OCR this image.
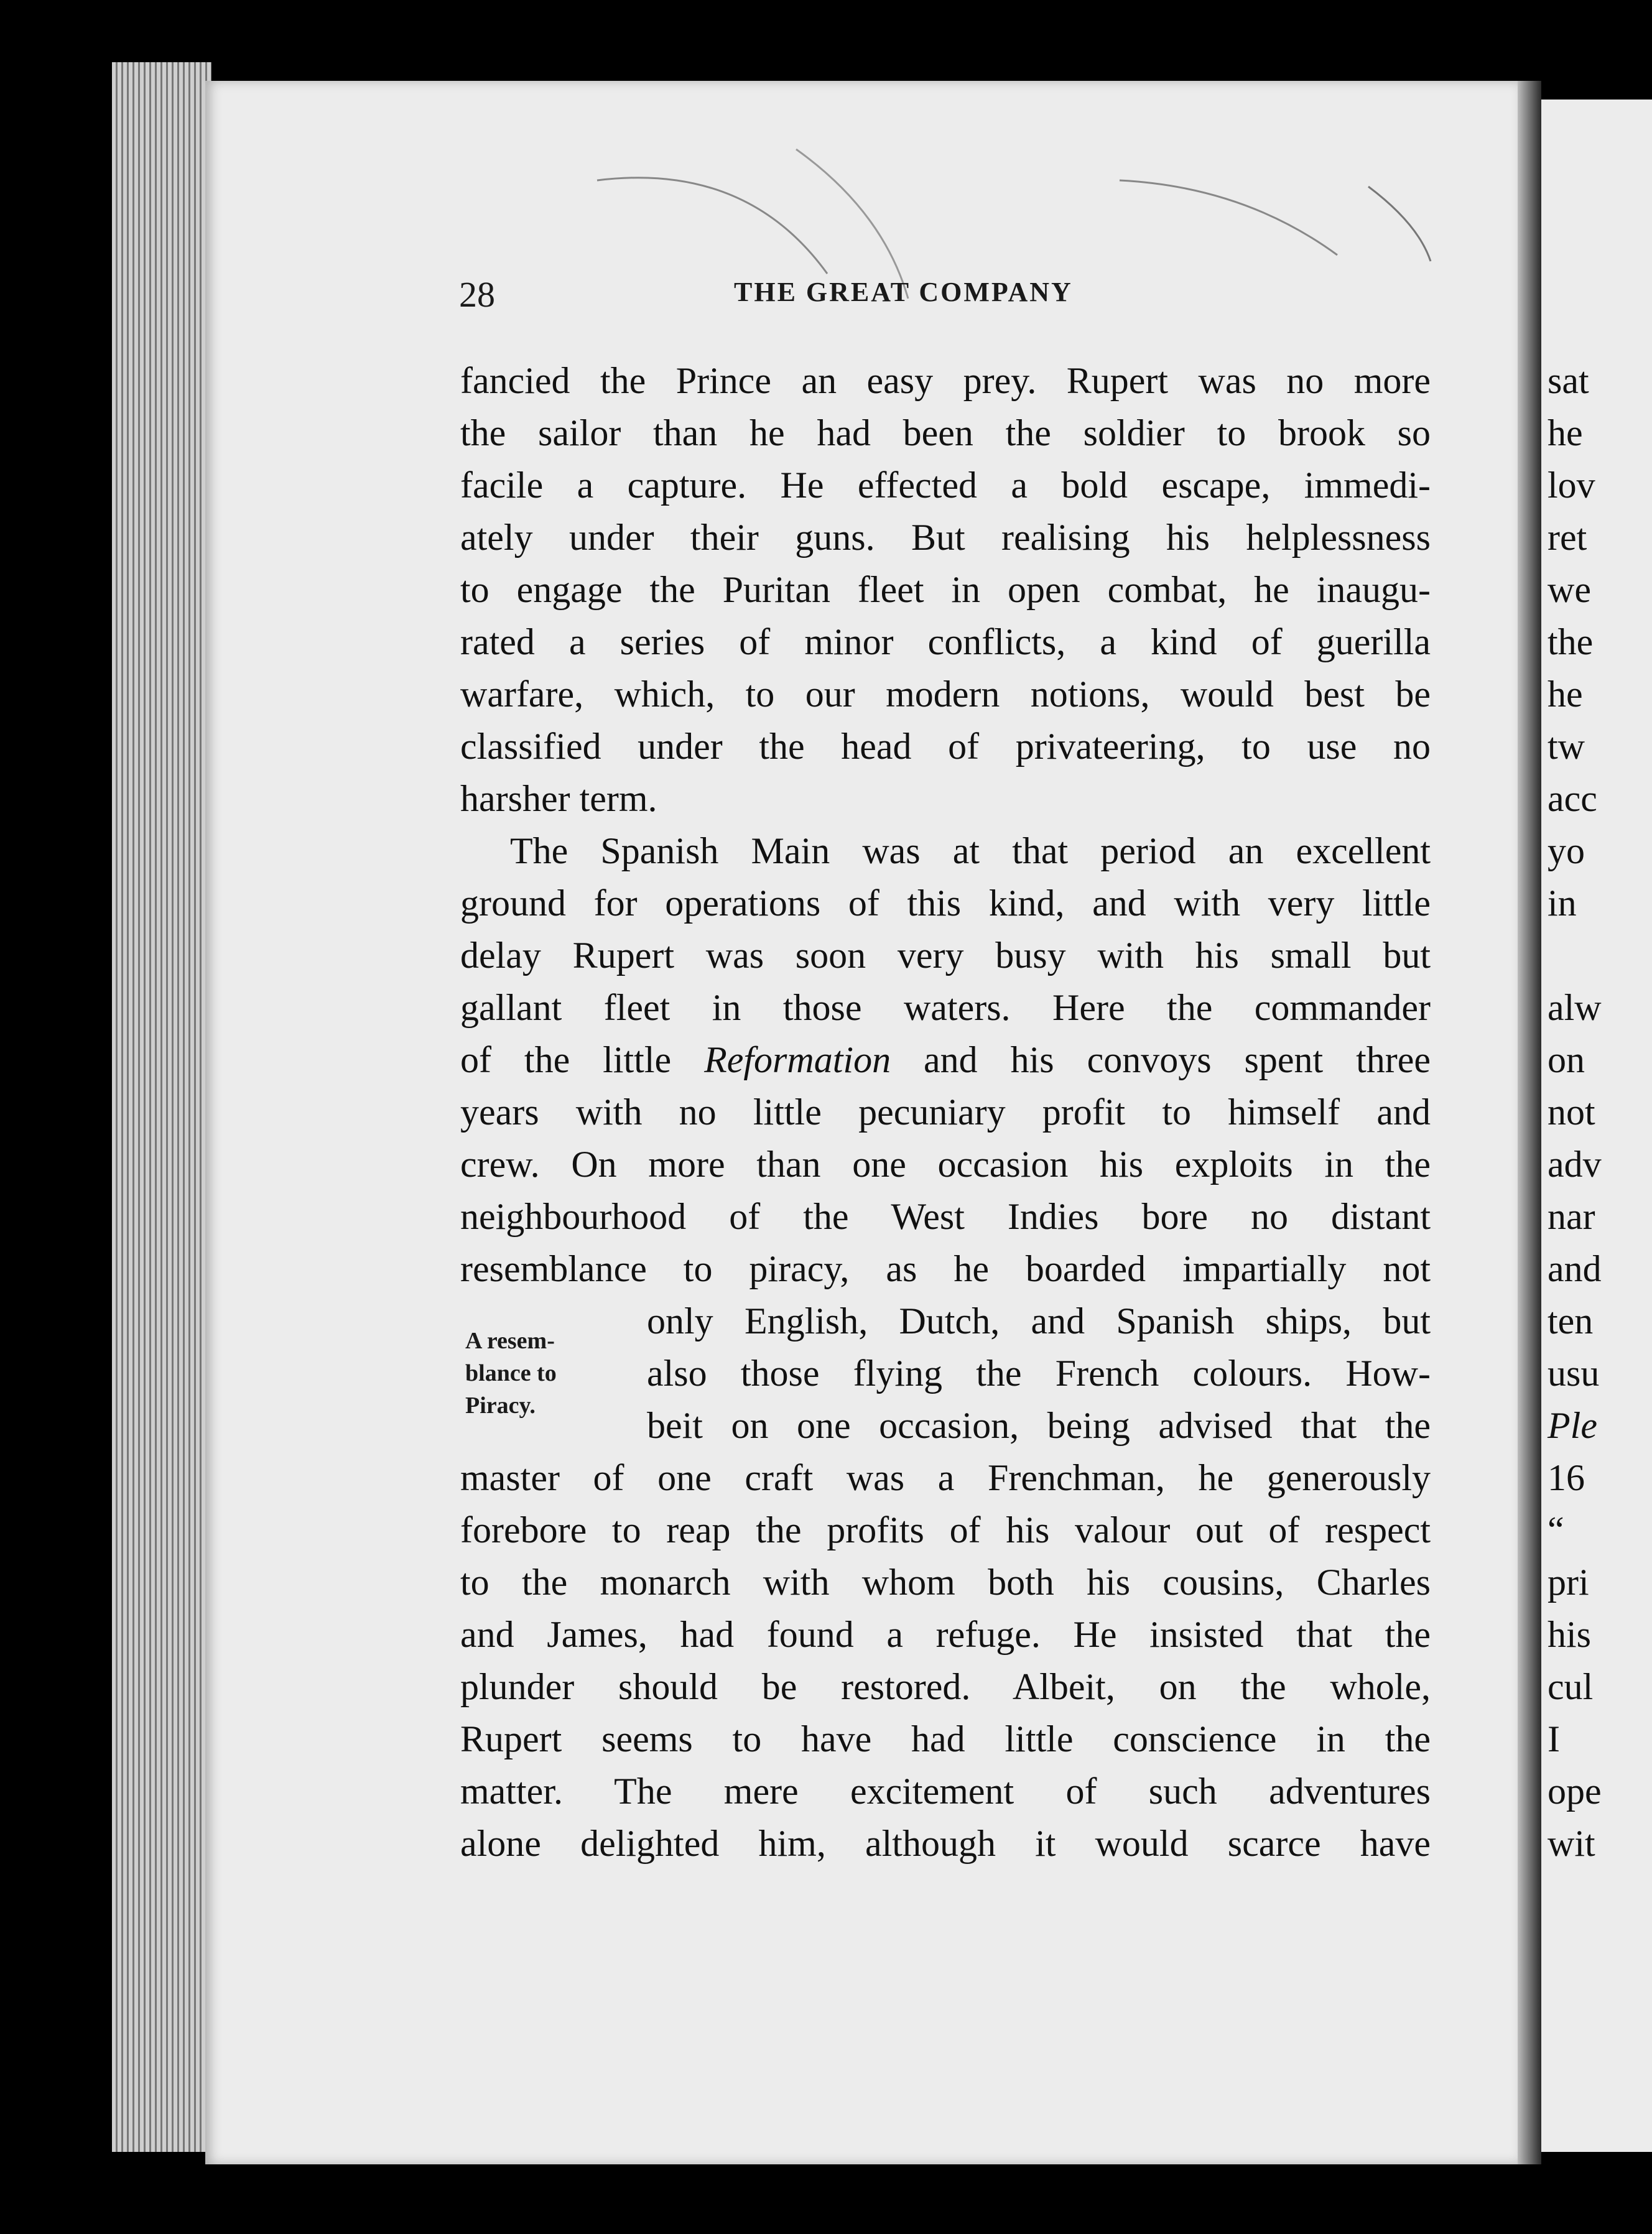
28	THE GREAT COMPANY
fancied the Prince an easy prey. Rupert was no more
the sailor than he had been the soldier to brook so
facile a capture. He effected a bold escape, immedi-
ately under their guns. But realising his helplessness
to engage the Puritan fleet in open combat, he inaugu-
rated a series of minor conflicts, a kind of guerilla
warfare, which, to our modern notions, would best be
classified under the head of privateering, to use no
harsher term.
The Spanish Main was at that period an excellent
ground for operations of this kind, and with very little
delay Rupert was soon very busy with his small but
gallant fleet in those waters. Here the commander
of the little Reformation and his convoys spent three
years with no little pecuniary profit to himself and
crew. On more than one occasion his exploits in the
neighbourhood of the West Indies bore no distant
resemblance to piracy, as he boarded impartially not
only English, Dutch, and Spanish ships, but
also those flying the French colours. How-
beit on one occasion, being advised that the
master of one craft was a Frenchman, he generously
forebore to reap the profits of his valour out of respect
to the monarch with whom both his cousins, Charles
and James, had found a refuge. He insisted that the
plunder should be restored. Albeit, on the whole,
Rupert seems to have had little conscience in the
matter. The mere excitement of such adventures
alone delighted him, although it would scarce have
A resem-
blance to
Piracy.
sat
he
lov
ret
we
the
he
tw
acc
yo
in
alw
on
not
adv
nar
and
ten
usu
Ple
16
“
pri
his
cul
I
ope
wit
